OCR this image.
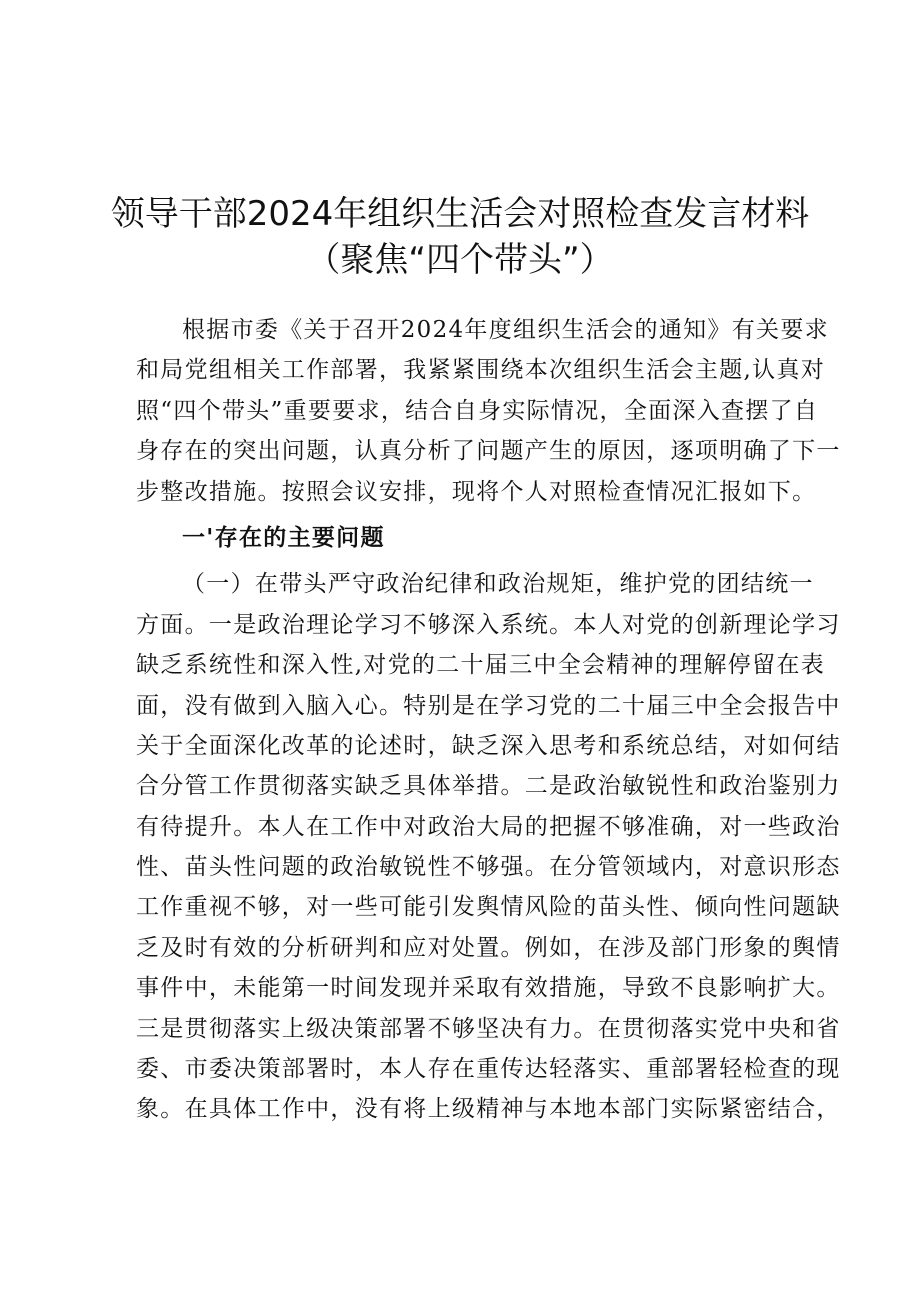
领导干部2024年组织生活会对照检查发言材料
（聚焦“四个带头”）
根据市委《关于召开2024年度组织生活会的通知》有关要求
和局党组相关工作部署，我紧紧围绕本次组织生活会主题,认真对
照“四个带头”重要要求，结合自身实际情况，全面深入查摆了自
身存在的突出问题，认真分析了问题产生的原因，逐项明确了下一
步整改措施。按照会议安排，现将个人对照检查情况汇报如下。
一'存在的主要问题
（一）在带头严守政治纪律和政治规矩，维护党的团结统一
方面。一是政治理论学习不够深入系统。本人对党的创新理论学习
缺乏系统性和深入性,对党的二十届三中全会精神的理解停留在表
面，没有做到入脑入心。特别是在学习党的二十届三中全会报告中
关于全面深化改革的论述时，缺乏深入思考和系统总结，对如何结
合分管工作贯彻落实缺乏具体举措。二是政治敏锐性和政治鉴别力
有待提升。本人在工作中对政治大局的把握不够准确，对一些政治
性、苗头性问题的政治敏锐性不够强。在分管领域内，对意识形态
工作重视不够，对一些可能引发舆情风险的苗头性、倾向性问题缺
乏及时有效的分析研判和应对处置。例如，在涉及部门形象的舆情
事件中，未能第一时间发现并采取有效措施，导致不良影响扩大。
三是贯彻落实上级决策部署不够坚决有力。在贯彻落实党中央和省
委、市委决策部署时，本人存在重传达轻落实、重部署轻检查的现
象。在具体工作中，没有将上级精神与本地本部门实际紧密结合，
